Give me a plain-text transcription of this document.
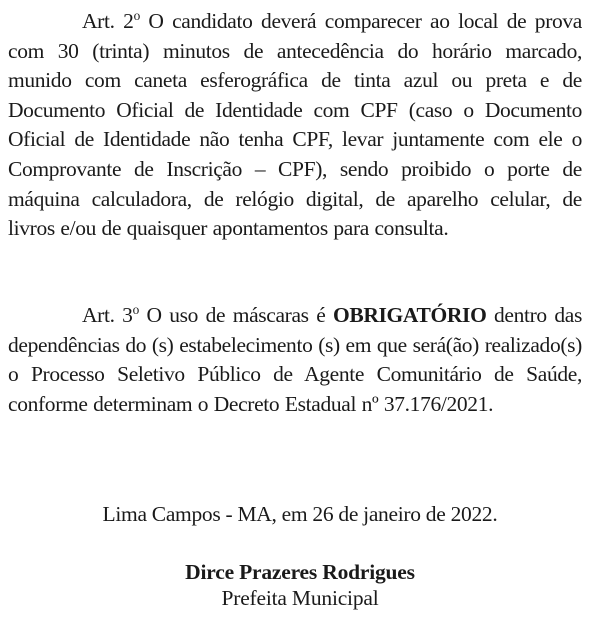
Art. 2$^o$ O candidato deverá comparecer ao local de prova com 30 (trinta) minutos de antecedência do horário marcado, munido com caneta esferográfica de tinta azul ou preta e de Documento Oficial de Identidade com CPF (caso o Documento Oficial de Identidade não tenha CPF, levar juntamente com ele o Comprovante de Inscrição – CPF), sendo proibido o porte de máquina calculadora, de relógio digital, de aparelho celular, de livros e/ou de quaisquer apontamentos para consulta.

Art. 3$^o$ O uso de máscaras é OBRIGATÓRIO dentro das dependências do (s) estabelecimento (s) em que será(ão) realizado(s) o Processo Seletivo Público de Agente Comunitário de Saúde, conforme determinam o Decreto Estadual nº 37.176/2021.

Lima Campos - MA, em 26 de janeiro de 2022.

Dirce Prazeres Rodrigues

Prefeita Municipal
